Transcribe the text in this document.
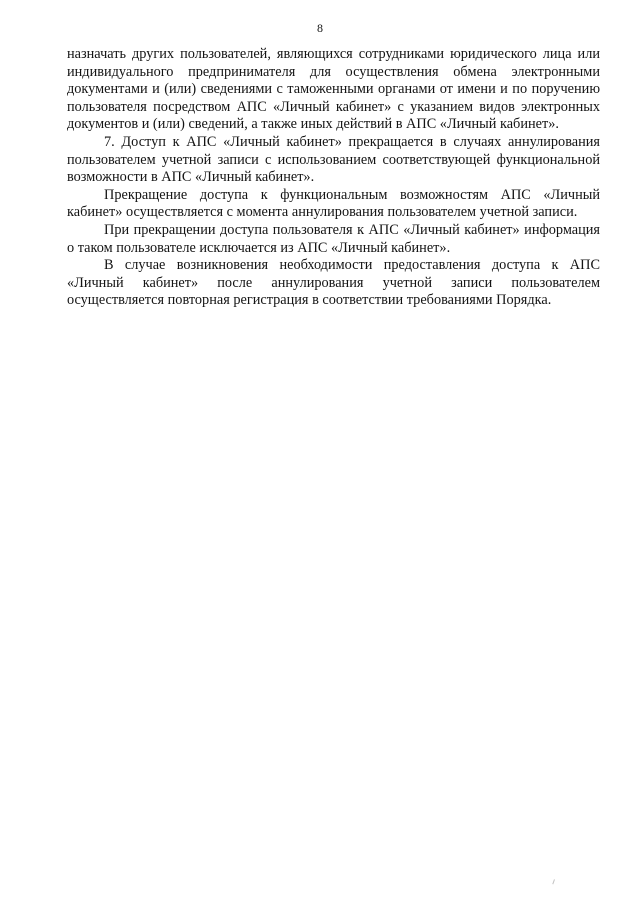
8

назначать других пользователей, являющихся сотрудниками юридического лица или индивидуального предпринимателя для осуществления обмена электронными документами и (или) сведениями с таможенными органами от имени и по поручению пользователя посредством АПС «Личный кабинет» с указанием видов электронных документов и (или) сведений, а также иных действий в АПС «Личный кабинет».

7. Доступ к АПС «Личный кабинет» прекращается в случаях аннулирования пользователем учетной записи с использованием соответствующей функциональной возможности в АПС «Личный кабинет».

Прекращение доступа к функциональным возможностям АПС «Личный кабинет» осуществляется с момента аннулирования пользователем учетной записи.

При прекращении доступа пользователя к АПС «Личный кабинет» информация о таком пользователе исключается из АПС «Личный кабинет».

В случае возникновения необходимости предоставления доступа к АПС «Личный кабинет» после аннулирования учетной записи пользователем осуществляется повторная регистрация в соответствии требованиями Порядка.
